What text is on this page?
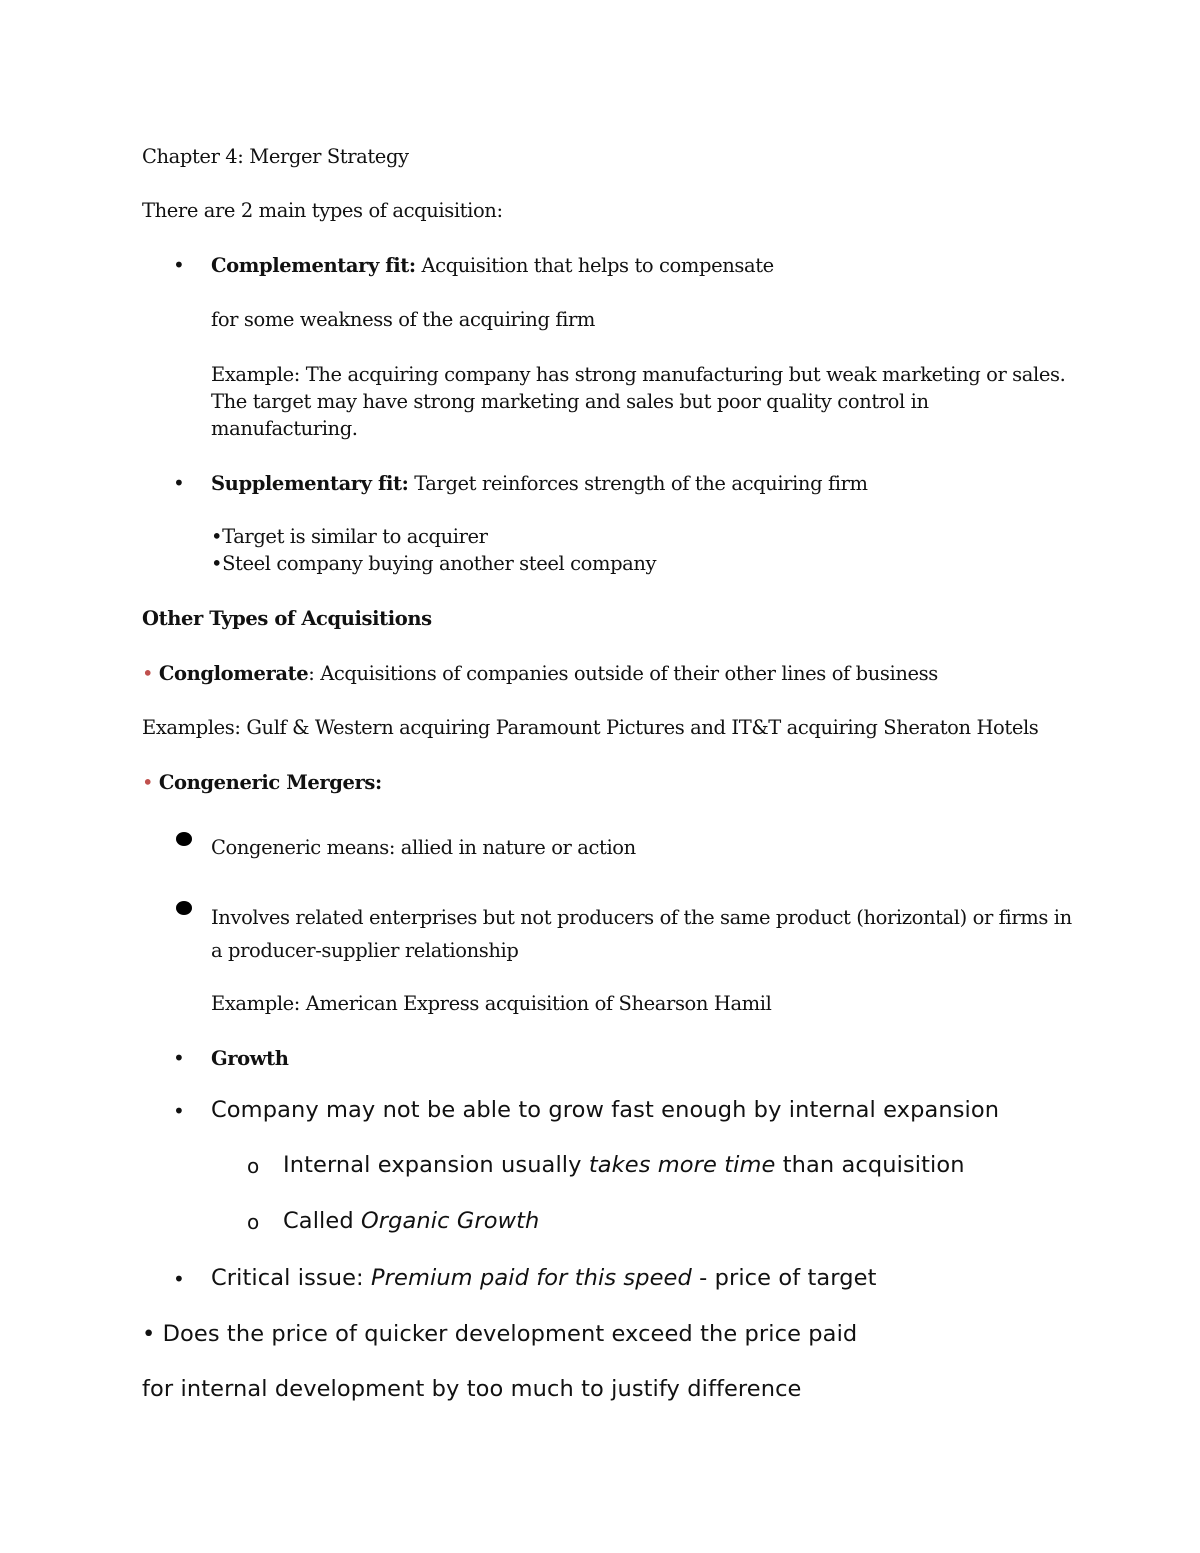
Chapter 4: Merger Strategy
There are 2 main types of acquisition:
• Complementary fit: Acquisition that helps to compensate
for some weakness of the acquiring firm
Example: The acquiring company has strong manufacturing but weak marketing or sales.
The target may have strong marketing and sales but poor quality control in
manufacturing.
• Supplementary fit: Target reinforces strength of the acquiring firm
•Target is similar to acquirer
•Steel company buying another steel company
Other Types of Acquisitions
• Conglomerate: Acquisitions of companies outside of their other lines of business
Examples: Gulf & Western acquiring Paramount Pictures and IT&T acquiring Sheraton Hotels
• Congeneric Mergers:
Congeneric means: allied in nature or action
Involves related enterprises but not producers of the same product (horizontal) or firms in
a producer-supplier relationship
Example: American Express acquisition of Shearson Hamil
• Growth
• Company may not be able to grow fast enough by internal expansion
o Internal expansion usually takes more time than acquisition
o Called Organic Growth
• Critical issue: Premium paid for this speed - price of target
• Does the price of quicker development exceed the price paid
for internal development by too much to justify difference
